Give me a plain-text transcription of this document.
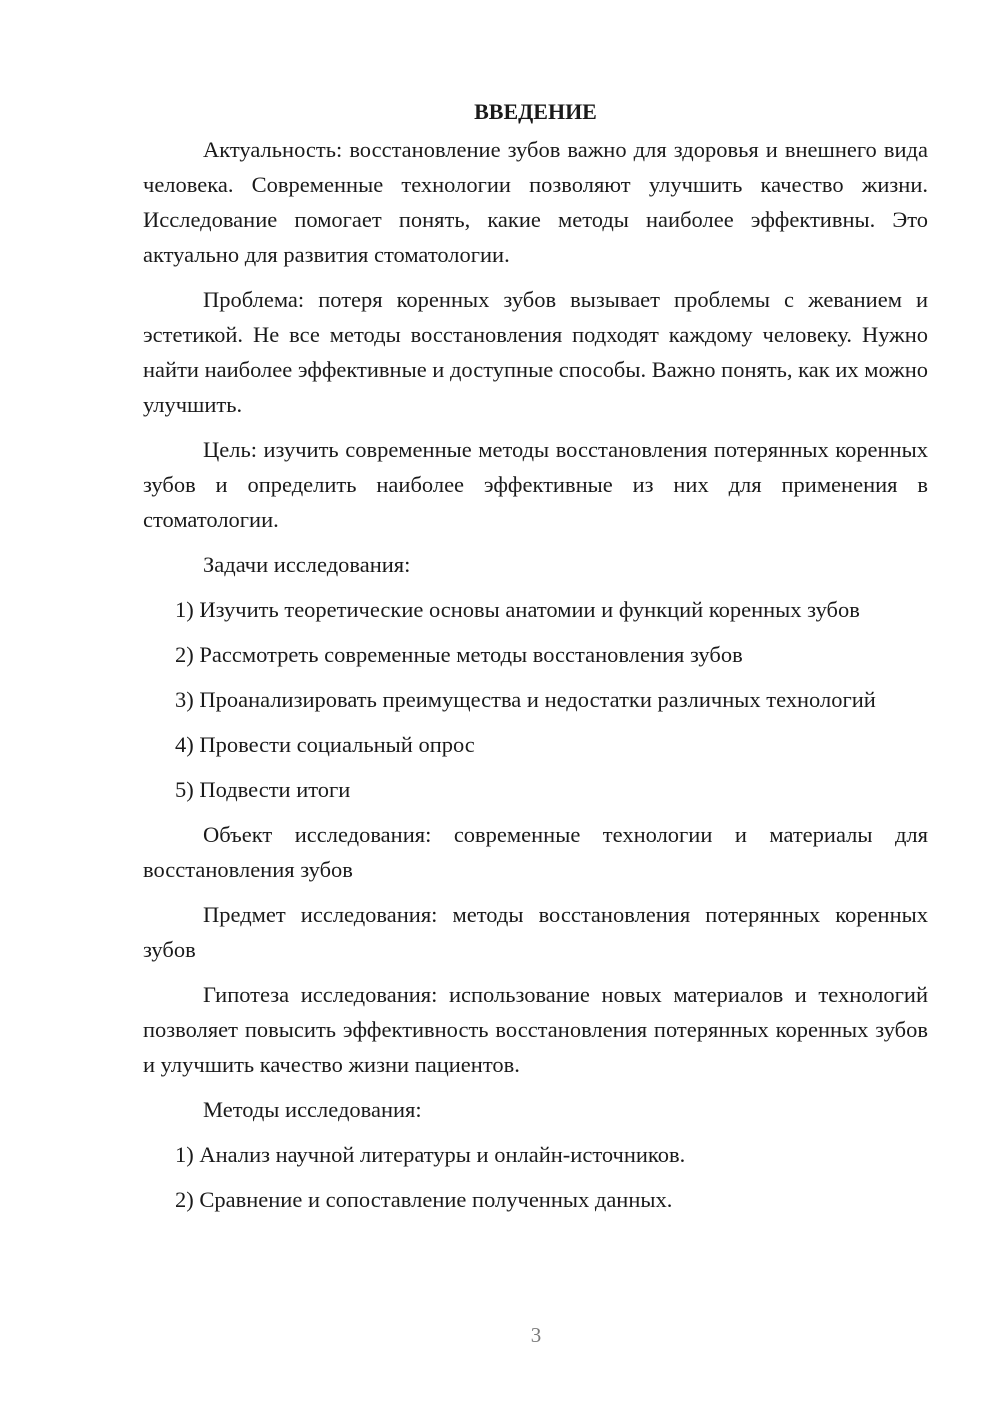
ВВЕДЕНИЕ

Актуальность: восстановление зубов важно для здоровья и внешнего вида человека. Современные технологии позволяют улучшить качество жизни. Исследование помогает понять, какие методы наиболее эффективны. Это актуально для развития стоматологии.

Проблема: потеря коренных зубов вызывает проблемы с жеванием и эстетикой. Не все методы восстановления подходят каждому человеку. Нужно найти наиболее эффективные и доступные способы. Важно понять, как их можно улучшить.

Цель: изучить современные методы восстановления потерянных коренных зубов и определить наиболее эффективные из них для применения в стоматологии.

Задачи исследования:

1) Изучить теоретические основы анатомии и функций коренных зубов

2) Рассмотреть современные методы восстановления зубов

3) Проанализировать преимущества и недостатки различных технологий

4) Провести социальный опрос

5) Подвести итоги

Объект исследования: современные технологии и материалы для восстановления зубов

Предмет исследования: методы восстановления потерянных коренных зубов

Гипотеза исследования: использование новых материалов и технологий позволяет повысить эффективность восстановления потерянных коренных зубов и улучшить качество жизни пациентов.

Методы исследования:

1) Анализ научной литературы и онлайн-источников.

2) Сравнение и сопоставление полученных данных.

3
